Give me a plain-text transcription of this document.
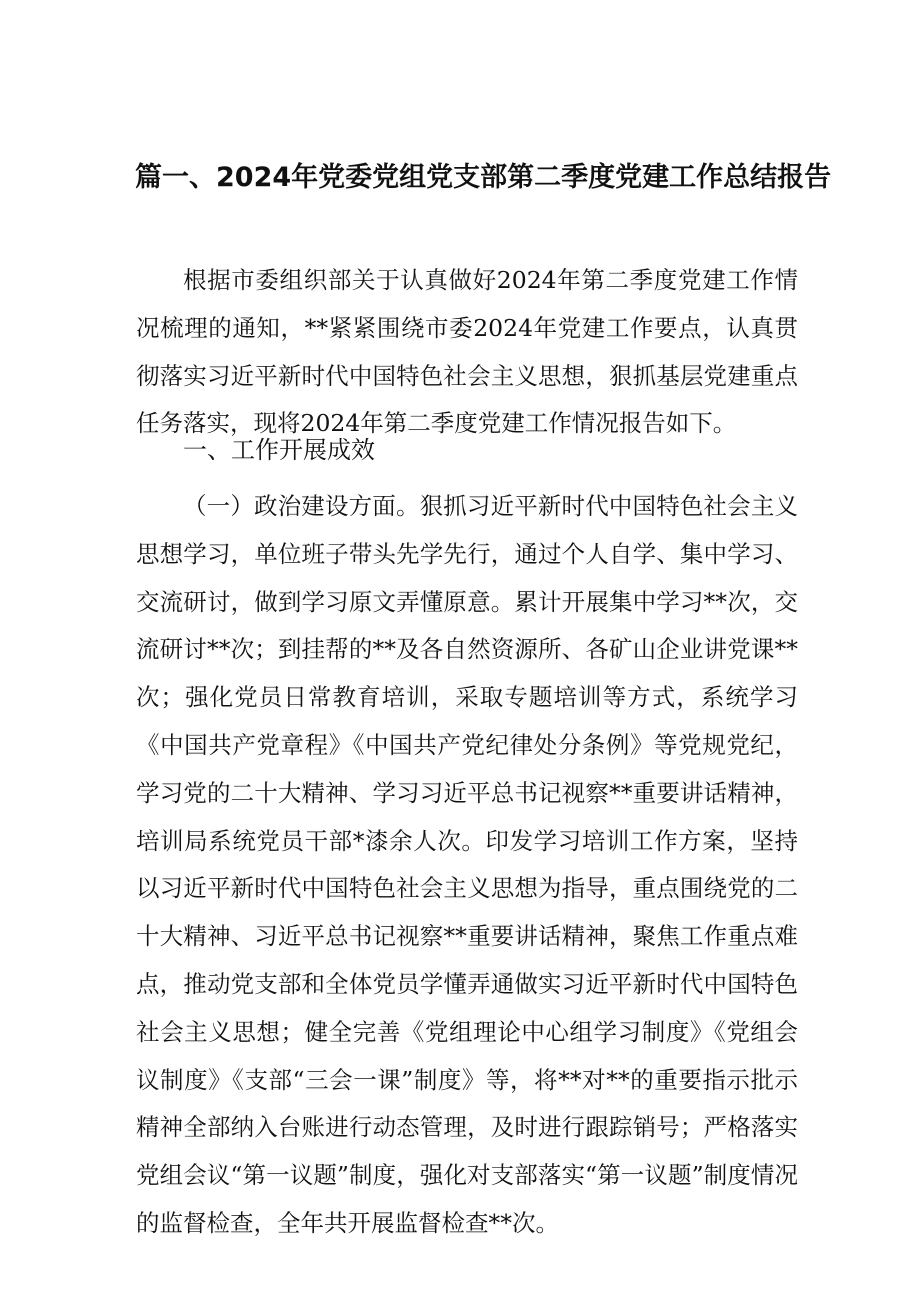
篇一、2024年党委党组党支部第二季度党建工作总结报告

根据市委组织部关于认真做好2024年第二季度党建工作情况梳理的通知，**紧紧围绕市委2024年党建工作要点，认真贯彻落实习近平新时代中国特色社会主义思想，狠抓基层党建重点任务落实，现将2024年第二季度党建工作情况报告如下。

一、工作开展成效

（一）政治建设方面。狠抓习近平新时代中国特色社会主义思想学习，单位班子带头先学先行，通过个人自学、集中学习、交流研讨，做到学习原文弄懂原意。累计开展集中学习**次，交流研讨**次；到挂帮的**及各自然资源所、各矿山企业讲党课**次；强化党员日常教育培训，采取专题培训等方式，系统学习《中国共产党章程》《中国共产党纪律处分条例》等党规党纪，学习党的二十大精神、学习习近平总书记视察**重要讲话精神，培训局系统党员干部*漆余人次。印发学习培训工作方案，坚持以习近平新时代中国特色社会主义思想为指导，重点围绕党的二十大精神、习近平总书记视察**重要讲话精神，聚焦工作重点难点，推动党支部和全体党员学懂弄通做实习近平新时代中国特色社会主义思想；健全完善《党组理论中心组学习制度》《党组会议制度》《支部“三会一课”制度》等，将**对**的重要指示批示精神全部纳入台账进行动态管理，及时进行跟踪销号；严格落实党组会议“第一议题”制度，强化对支部落实“第一议题”制度情况的监督检查，全年共开展监督检查**次。
